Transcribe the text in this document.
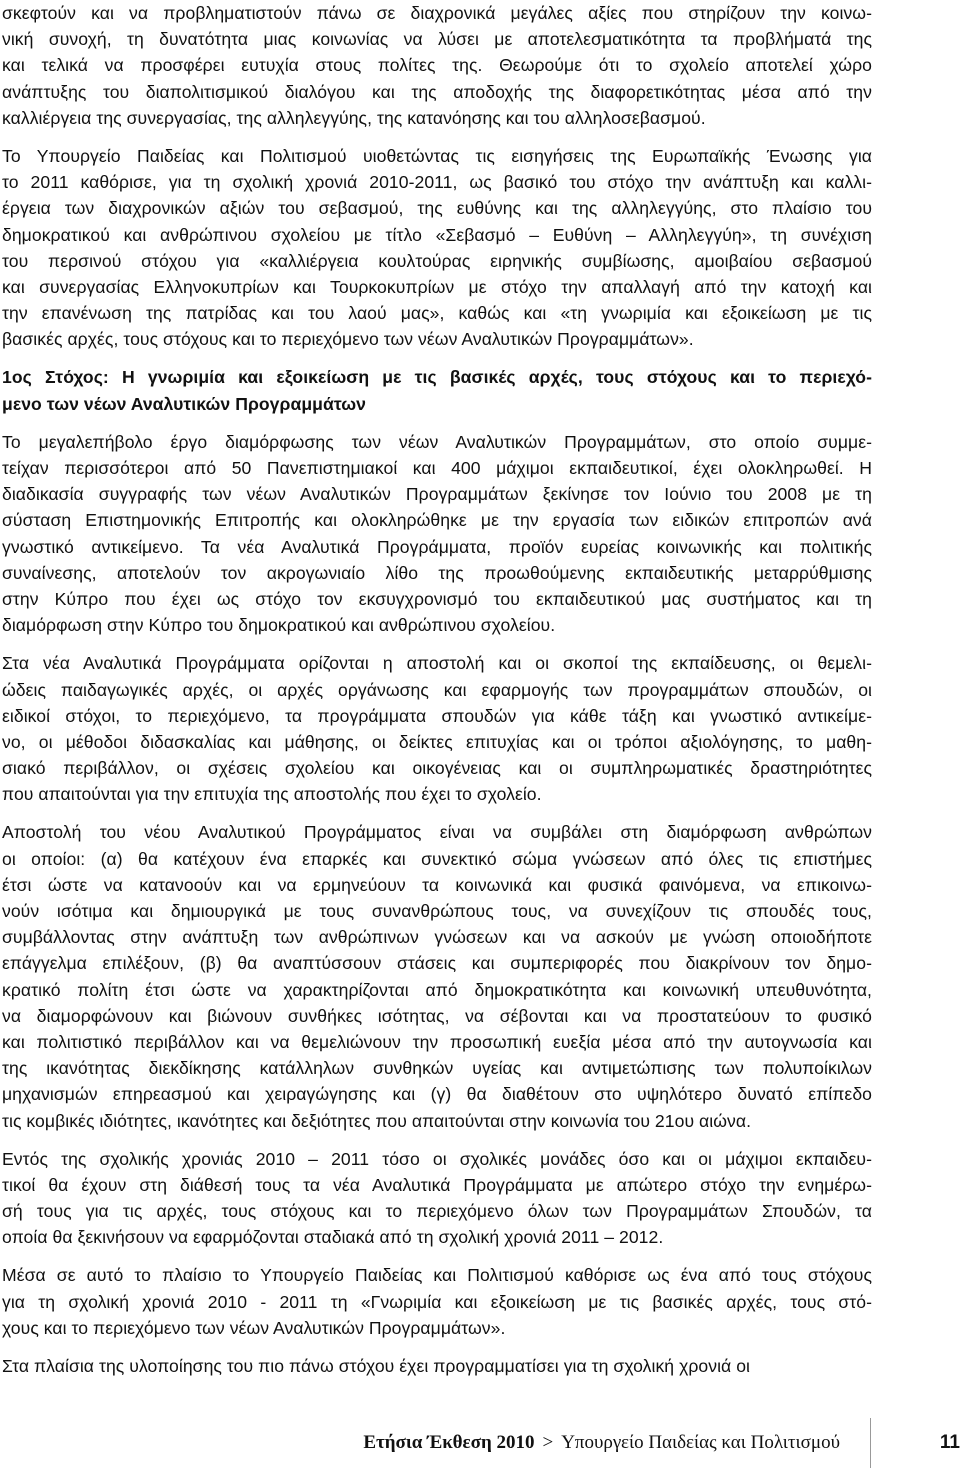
σκεφτούν και να προβληματιστούν πάνω σε διαχρονικά μεγάλες αξίες που στηρίζουν την κοινω-
νική συνοχή, τη δυνατότητα μιας κοινωνίας να λύσει με αποτελεσματικότητα τα προβλήματά της
και τελικά να προσφέρει ευτυχία στους πολίτες της. Θεωρούμε ότι το σχολείο αποτελεί χώρο
ανάπτυξης του διαπολιτισμικού διαλόγου και της αποδοχής της διαφορετικότητας μέσα από την
καλλιέργεια της συνεργασίας, της αλληλεγγύης, της κατανόησης και του αλληλοσεβασμού.
Το Υπουργείο Παιδείας και Πολιτισμού υιοθετώντας τις εισηγήσεις της Ευρωπαϊκής Ένωσης για
το 2011 καθόρισε, για τη σχολική χρονιά 2010-2011, ως βασικό του στόχο την ανάπτυξη και καλλι-
έργεια των διαχρονικών αξιών του σεβασμού, της ευθύνης και της αλληλεγγύης, στο πλαίσιο του
δημοκρατικού και ανθρώπινου σχολείου με τίτλο «Σεβασμό – Ευθύνη – Αλληλεγγύη», τη συνέχιση
του περσινού στόχου για «καλλιέργεια κουλτούρας ειρηνικής συμβίωσης, αμοιβαίου σεβασμού
και συνεργασίας Ελληνοκυπρίων και Τουρκοκυπρίων με στόχο την απαλλαγή από την κατοχή και
την επανένωση της πατρίδας και του λαού μας», καθώς και «τη γνωριμία και εξοικείωση με τις
βασικές αρχές, τους στόχους και το περιεχόμενο των νέων Αναλυτικών Προγραμμάτων».
1ος Στόχος: Η γνωριμία και εξοικείωση με τις βασικές αρχές, τους στόχους και το περιεχό-
μενο των νέων Αναλυτικών Προγραμμάτων
Το μεγαλεπήβολο έργο διαμόρφωσης των νέων Αναλυτικών Προγραμμάτων, στο οποίο συμμε-
τείχαν περισσότεροι από 50 Πανεπιστημιακοί και 400 μάχιμοι εκπαιδευτικοί, έχει ολοκληρωθεί. Η
διαδικασία συγγραφής των νέων Αναλυτικών Προγραμμάτων ξεκίνησε τον Ιούνιο του 2008 με τη
σύσταση Επιστημονικής Επιτροπής και ολοκληρώθηκε με την εργασία των ειδικών επιτροπών ανά
γνωστικό αντικείμενο. Τα νέα Αναλυτικά Προγράμματα, προϊόν ευρείας κοινωνικής και πολιτικής
συναίνεσης, αποτελούν τον ακρογωνιαίο λίθο της προωθούμενης εκπαιδευτικής μεταρρύθμισης
στην Κύπρο που έχει ως στόχο τον εκσυγχρονισμό του εκπαιδευτικού μας συστήματος και τη
διαμόρφωση στην Κύπρο του δημοκρατικού και ανθρώπινου σχολείου.
Στα νέα Αναλυτικά Προγράμματα ορίζονται η αποστολή και οι σκοποί της εκπαίδευσης, οι θεμελι-
ώδεις παιδαγωγικές αρχές, οι αρχές οργάνωσης και εφαρμογής των προγραμμάτων σπουδών, οι
ειδικοί στόχοι, το περιεχόμενο, τα προγράμματα σπουδών για κάθε τάξη και γνωστικό αντικείμε-
νο, οι μέθοδοι διδασκαλίας και μάθησης, οι δείκτες επιτυχίας και οι τρόποι αξιολόγησης, το μαθη-
σιακό περιβάλλον, οι σχέσεις σχολείου και οικογένειας και οι συμπληρωματικές δραστηριότητες
που απαιτούνται για την επιτυχία της αποστολής που έχει το σχολείο.
Αποστολή του νέου Αναλυτικού Προγράμματος είναι να συμβάλει στη διαμόρφωση ανθρώπων
οι οποίοι: (α) θα κατέχουν ένα επαρκές και συνεκτικό σώμα γνώσεων από όλες τις επιστήμες
έτσι ώστε να κατανοούν και να ερμηνεύουν τα κοινωνικά και φυσικά φαινόμενα, να επικοινω-
νούν ισότιμα και δημιουργικά με τους συνανθρώπους τους, να συνεχίζουν τις σπουδές τους,
συμβάλλοντας στην ανάπτυξη των ανθρώπινων γνώσεων και να ασκούν με γνώση οποιοδήποτε
επάγγελμα επιλέξουν, (β) θα αναπτύσσουν στάσεις και συμπεριφορές που διακρίνουν τον δημο-
κρατικό πολίτη έτσι ώστε να χαρακτηρίζονται από δημοκρατικότητα και κοινωνική υπευθυνότητα,
να διαμορφώνουν και βιώνουν συνθήκες ισότητας, να σέβονται και να προστατεύουν το φυσικό
και πολιτιστικό περιβάλλον και να θεμελιώνουν την προσωπική ευεξία μέσα από την αυτογνωσία και
της ικανότητας διεκδίκησης κατάλληλων συνθηκών υγείας και αντιμετώπισης των πολυποίκιλων
μηχανισμών επηρεασμού και χειραγώγησης και (γ) θα διαθέτουν στο υψηλότερο δυνατό επίπεδο
τις κομβικές ιδιότητες, ικανότητες και δεξιότητες που απαιτούνται στην κοινωνία του 21ου αιώνα.
Εντός της σχολικής χρονιάς 2010 – 2011 τόσο οι σχολικές μονάδες όσο και οι μάχιμοι εκπαιδευ-
τικοί θα έχουν στη διάθεσή τους τα νέα Αναλυτικά Προγράμματα με απώτερο στόχο την ενημέρω-
σή τους για τις αρχές, τους στόχους και το περιεχόμενο όλων των Προγραμμάτων Σπουδών, τα
οποία θα ξεκινήσουν να εφαρμόζονται σταδιακά από τη σχολική χρονιά 2011 – 2012.
Μέσα σε αυτό το πλαίσιο το Υπουργείο Παιδείας και Πολιτισμού καθόρισε ως ένα από τους στόχους
για τη σχολική χρονιά 2010 - 2011 τη «Γνωριμία και εξοικείωση με τις βασικές αρχές, τους στό-
χους και το περιεχόμενο των νέων Αναλυτικών Προγραμμάτων».
Στα πλαίσια της υλοποίησης του πιο πάνω στόχου έχει προγραμματίσει για τη σχολική χρονιά οι
Ετήσια Έκθεση 2010 > Υπουργείο Παιδείας και Πολιτισμού	11
